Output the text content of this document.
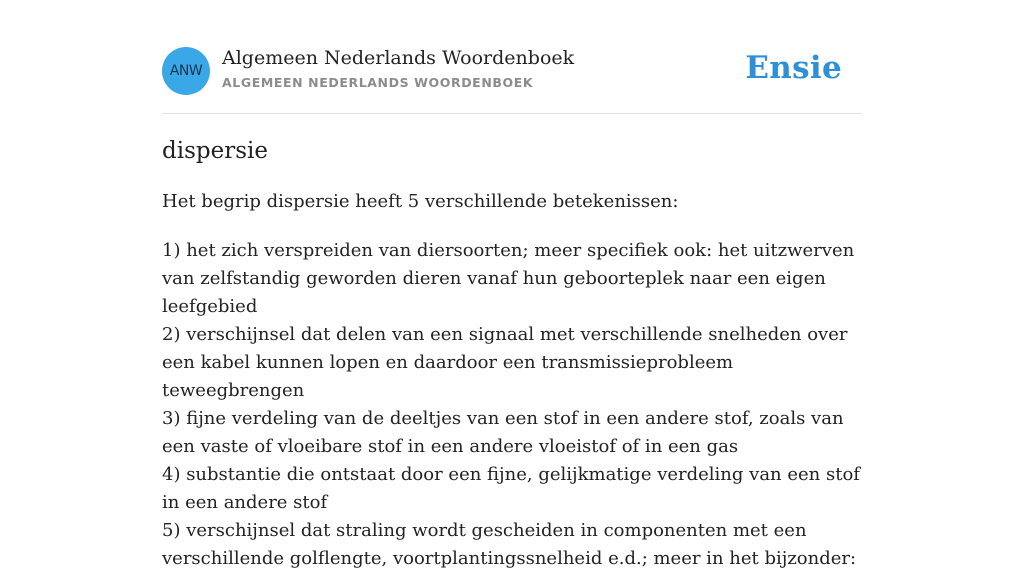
ANW
Algemeen Nederlands Woordenboek
ALGEMEEN NEDERLANDS WOORDENBOEK	Ensie
dispersie

Het begrip dispersie heeft 5 verschillende betekenissen:

1) het zich verspreiden van diersoorten; meer specifiek ook: het uitzwerven van zelfstandig geworden dieren vanaf hun geboorteplek naar een eigen leefgebied
2) verschijnsel dat delen van een signaal met verschillende snelheden over een kabel kunnen lopen en daardoor een transmissieprobleem teweegbrengen
3) fijne verdeling van de deeltjes van een stof in een andere stof, zoals van een vaste of vloeibare stof in een andere vloeistof of in een gas
4) substantie die ontstaat door een fijne, gelijkmatige verdeling van een stof in een andere stof
5) verschijnsel dat straling wordt gescheiden in componenten met een verschillende golflengte, voortplantingssnelheid e.d.; meer in het bijzonder:
